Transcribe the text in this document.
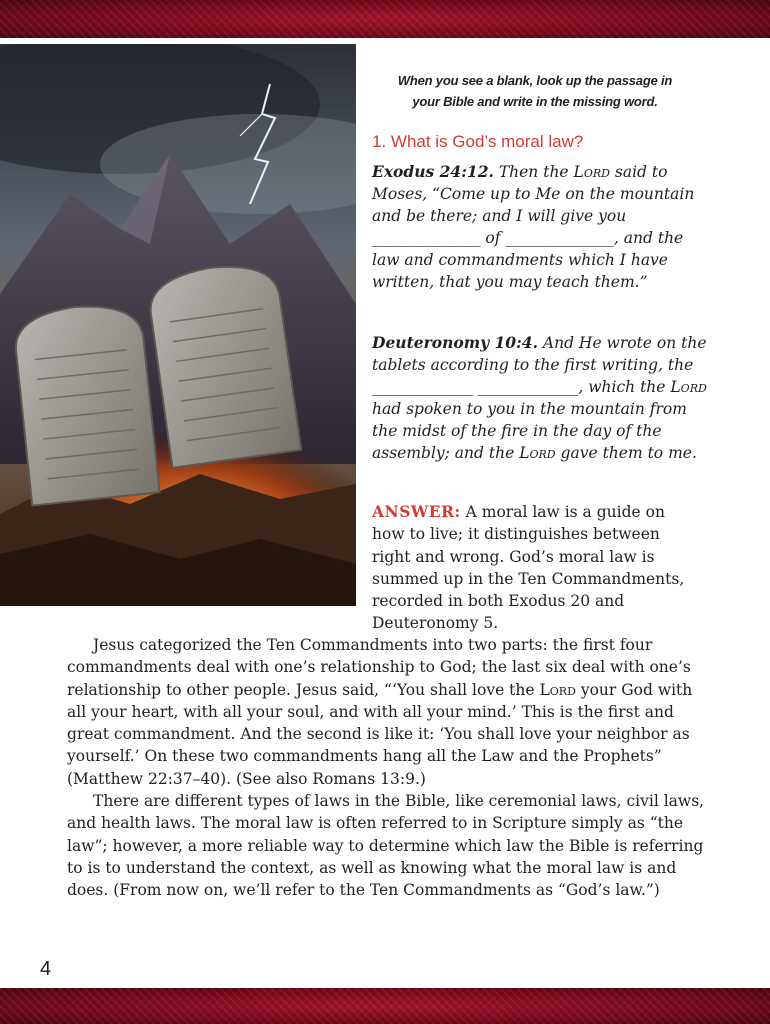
When you see a blank, look up the passage in
your Bible and write in the missing word.
1. What is God’s moral law?
Exodus 24:12. Then the Lord said to Moses, “Come up to Me on the mountain and be there; and I will give you ______________ of ______________, and the law and commandments which I have written, that you may teach them.”
Deuteronomy 10:4. And He wrote on the tablets according to the first writing, the _____________ _____________, which the Lord had spoken to you in the mountain from the midst of the fire in the day of the assembly; and the Lord gave them to me.
ANSWER: A moral law is a guide on how to live; it distinguishes between right and wrong. God’s moral law is summed up in the Ten Commandments, recorded in both Exodus 20 and Deuteronomy 5.

Jesus categorized the Ten Commandments into two parts: the first four commandments deal with one’s relationship to God; the last six deal with one’s relationship to other people. Jesus said, “‘You shall love the Lord your God with all your heart, with all your soul, and with all your mind.’ This is the first and great commandment. And the second is like it: ‘You shall love your neighbor as yourself.’ On these two commandments hang all the Law and the Prophets” (Matthew 22:37–40). (See also Romans 13:9.)

There are different types of laws in the Bible, like ceremonial laws, civil laws, and health laws. The moral law is often referred to in Scripture simply as “the law”; however, a more reliable way to determine which law the Bible is referring to is to understand the context, as well as knowing what the moral law is and does. (From now on, we’ll refer to the Ten Commandments as “God’s law.”)

4
